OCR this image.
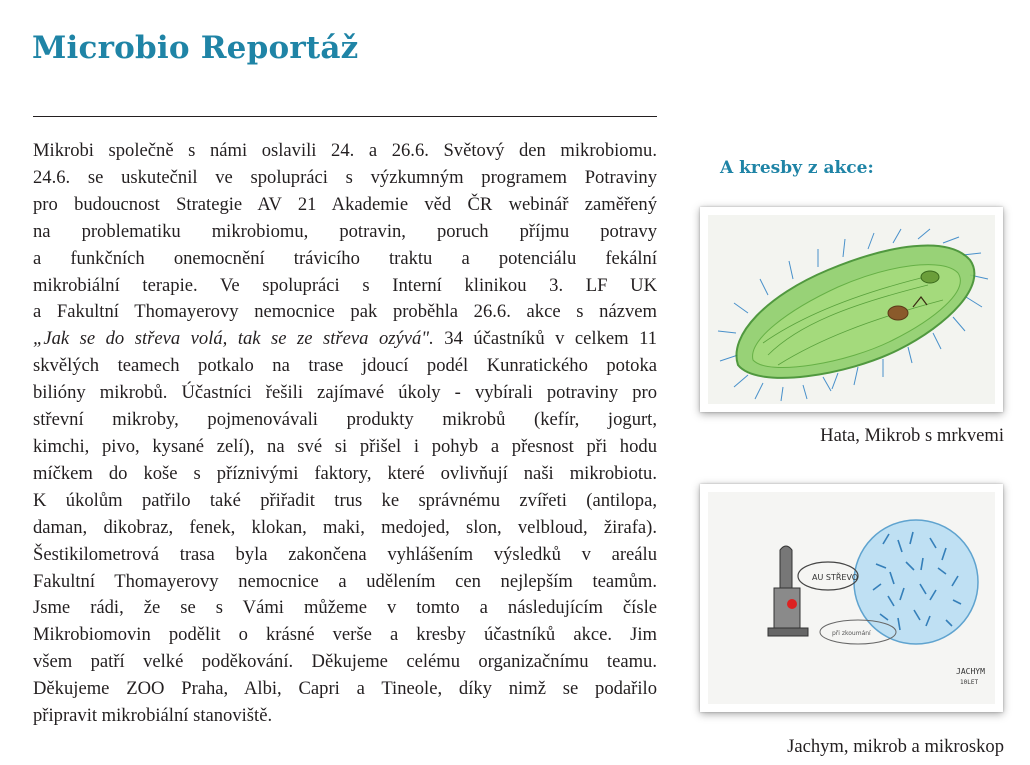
Microbio Reportáž
Mikrobi společně s námi oslavili 24. a 26.6. Světový den mikrobiomu.
24.6. se uskutečnil ve spolupráci s výzkumným programem Potraviny
pro budoucnost Strategie AV 21 Akademie věd ČR webinář zaměřený
na problematiku mikrobiomu, potravin, poruch příjmu potravy
a funkčních onemocnění trávicího traktu a potenciálu fekální
mikrobiální terapie. Ve spolupráci s Interní klinikou 3. LF UK
a Fakultní Thomayerovy nemocnice pak proběhla 26.6. akce s názvem
„Jak se do střeva volá, tak se ze střeva ozývá". 34 účastníků v celkem 11
skvělých teamech potkalo na trase jdoucí podél Kunratického potoka
bilióny mikrobů. Účastníci řešili zajímavé úkoly - vybírali potraviny pro
střevní mikroby, pojmenovávali produkty mikrobů (kefír, jogurt,
kimchi, pivo, kysané zelí), na své si přišel i pohyb a přesnost při hodu
míčkem do koše s příznivými faktory, které ovlivňují naši mikrobiotu.
K úkolům patřilo také přiřadit trus ke správnému zvířeti (antilopa,
daman, dikobraz, fenek, klokan, maki, medojed, slon, velbloud, žirafa).
Šestikilometrová trasa byla zakončena vyhlášením výsledků v areálu
Fakultní Thomayerovy nemocnice a udělením cen nejlepším teamům.
Jsme rádi, že se s Vámi můžeme v tomto a následujícím čísle
Mikrobiomovin podělit o krásné verše a kresby účastníků akce. Jim
všem patří velké poděkování. Děkujeme celému organizačnímu teamu.
Děkujeme ZOO Praha, Albi, Capri a Tineole, díky nimž se podařilo
připravit mikrobiální stanoviště.
A kresby z akce:

Hata, Mikrob s mrkvemi

AU STŘEVO
při zkoumání
JACHYM
10LET

Jachym, mikrob a mikroskop
